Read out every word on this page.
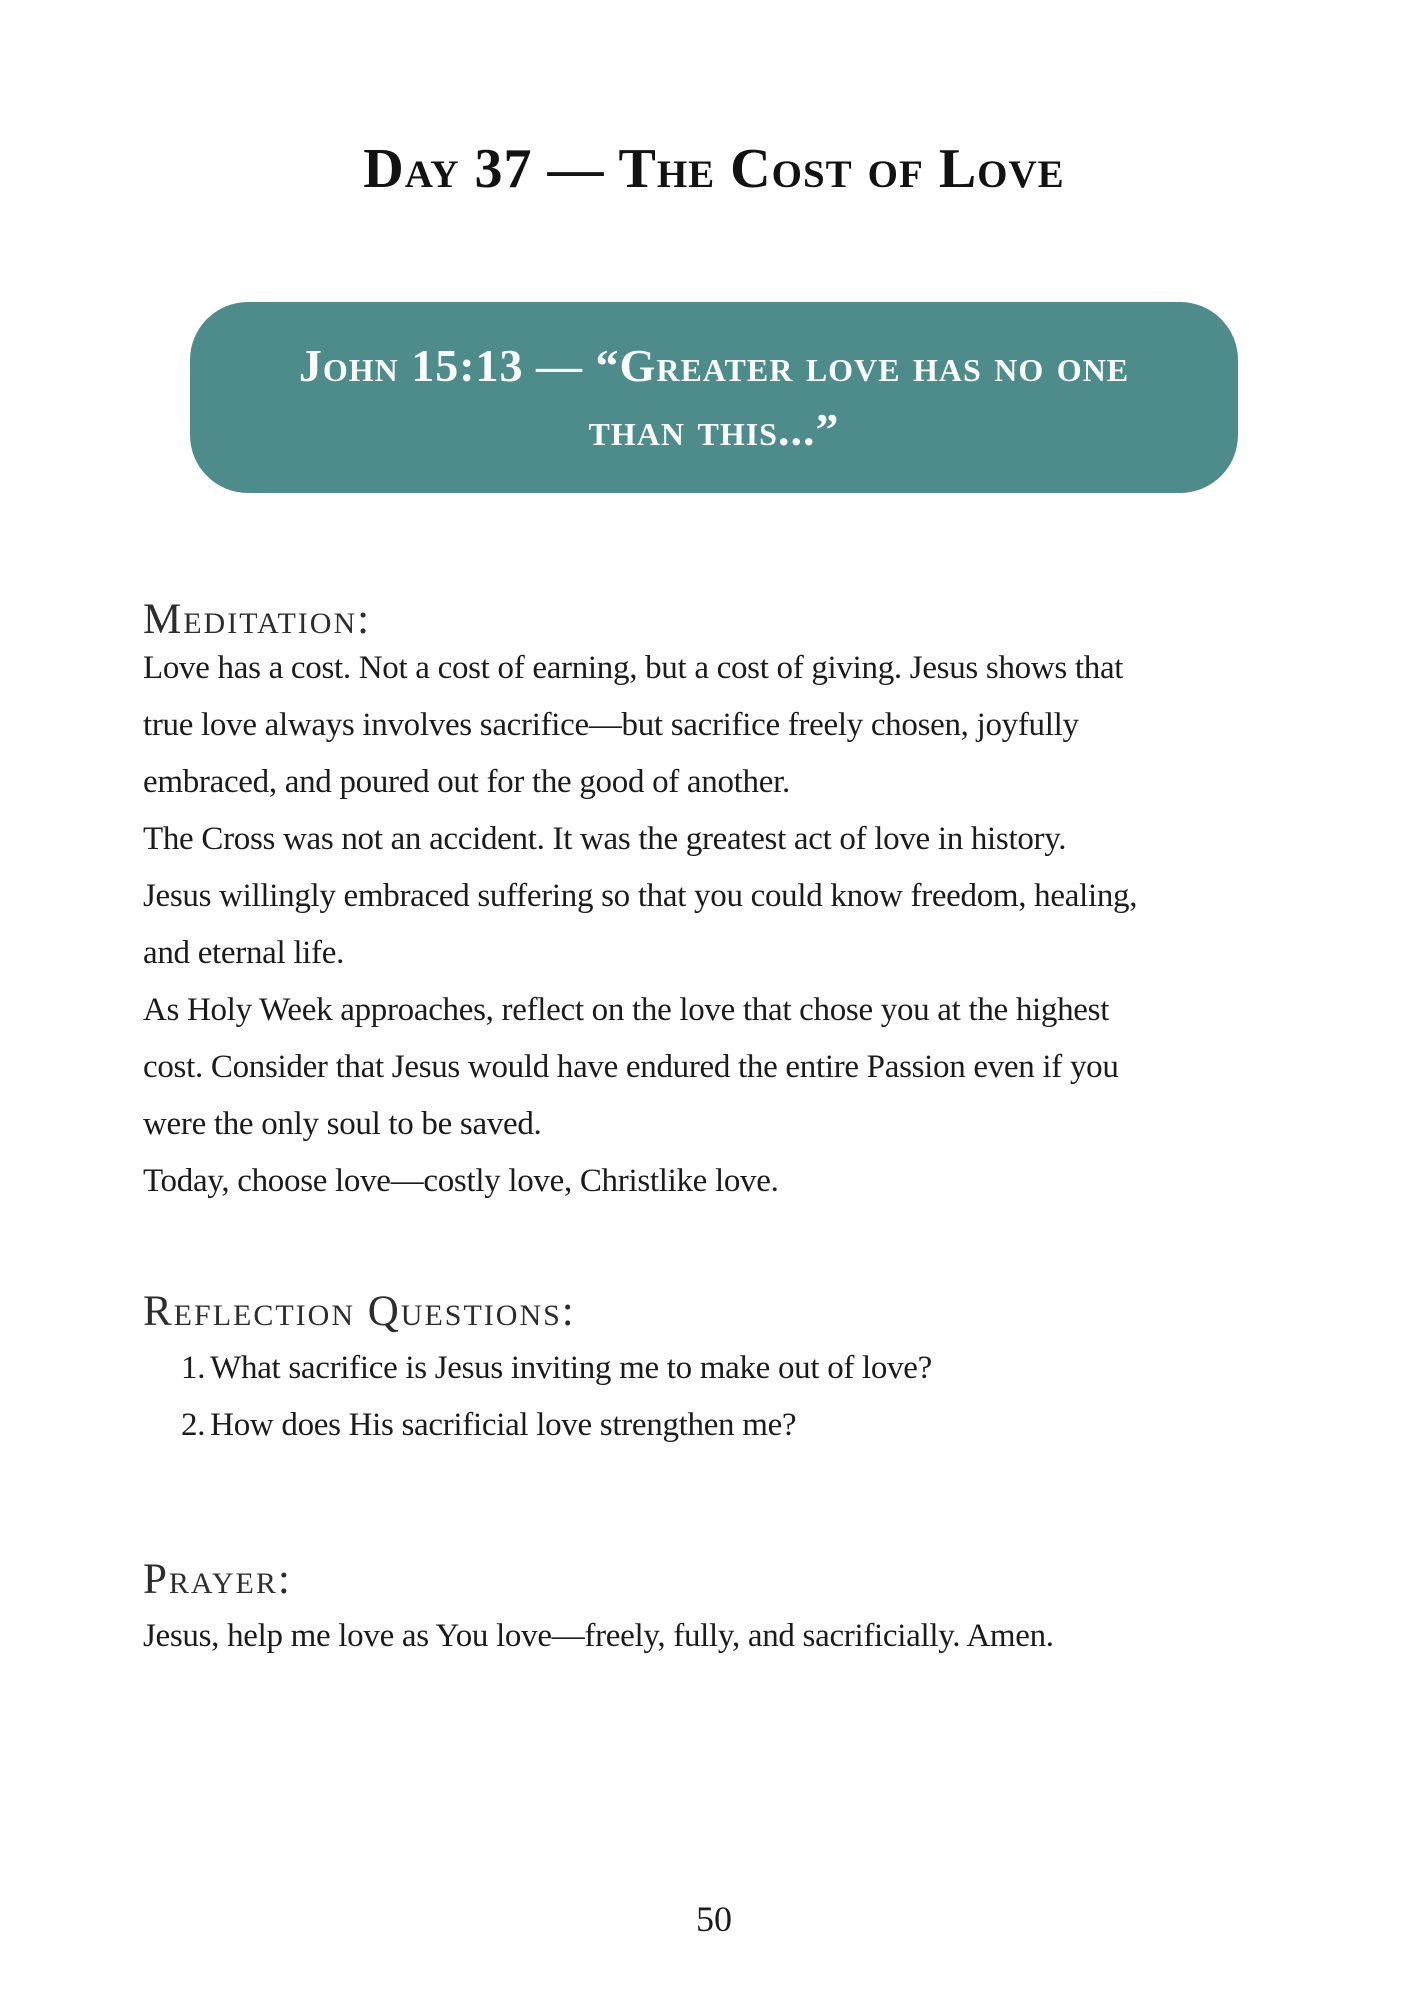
Day 37 — The Cost of Love
John 15:13 — “Greater love has no one
than this...”
Meditation:
Love has a cost. Not a cost of earning, but a cost of giving. Jesus shows that
true love always involves sacrifice—but sacrifice freely chosen, joyfully
embraced, and poured out for the good of another.
The Cross was not an accident. It was the greatest act of love in history.
Jesus willingly embraced suffering so that you could know freedom, healing,
and eternal life.
As Holy Week approaches, reflect on the love that chose you at the highest
cost. Consider that Jesus would have endured the entire Passion even if you
were the only soul to be saved.
Today, choose love—costly love, Christlike love.
Reflection Questions:
1. What sacrifice is Jesus inviting me to make out of love?
2. How does His sacrificial love strengthen me?
Prayer:
Jesus, help me love as You love—freely, fully, and sacrificially. Amen.
50
